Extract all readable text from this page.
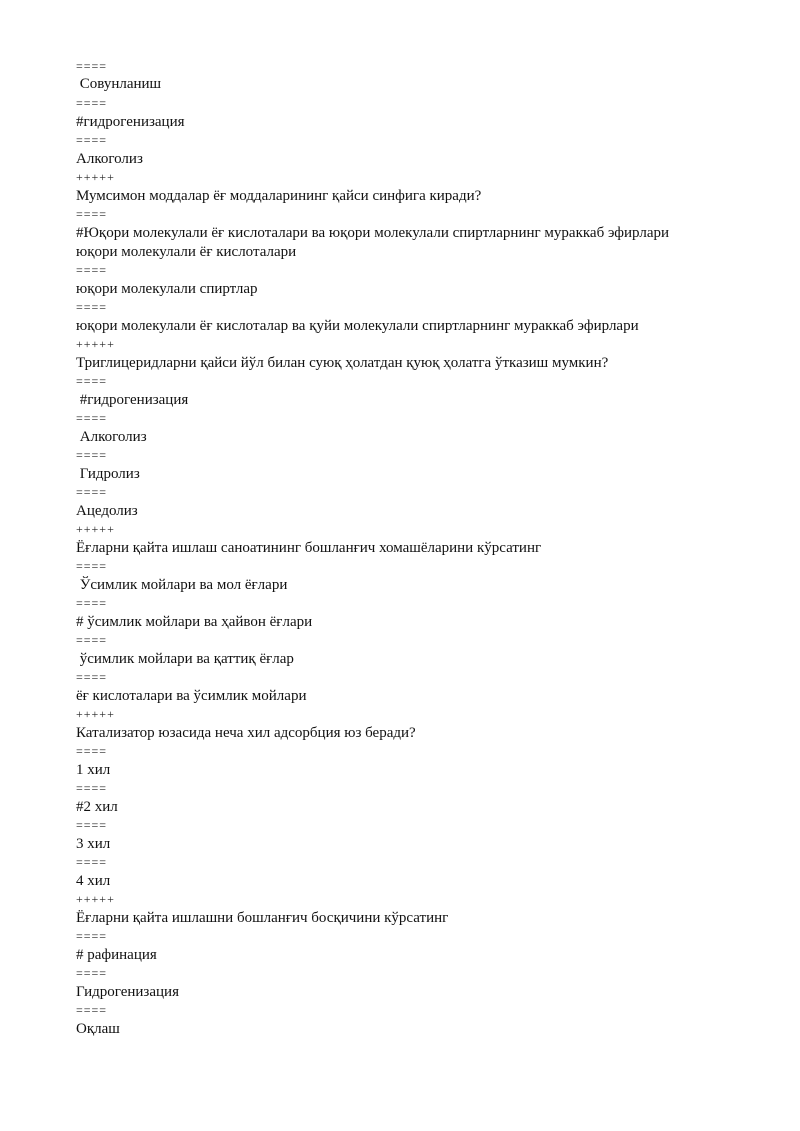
====

Совунланиш

====

#гидрогенизация

====

Алкоголиз

+++++

Мумсимон моддалар ёғ моддаларининг қайси синфига киради?

====

#Юқори молекулали ёғ кислоталари ва юқори молекулали спиртларнинг мураккаб эфирлари

юқори молекулали ёғ кислоталари

====

юқори молекулали спиртлар

====

юқори молекулали ёғ кислоталар ва қуйи молекулали спиртларнинг мураккаб эфирлари

+++++

Триглицеридларни қайси йўл билан суюқ ҳолатдан қуюқ ҳолатга ўтказиш мумкин?

====

#гидрогенизация

====

Алкоголиз

====

Гидролиз

====

Ацедолиз

+++++

Ёғларни қайта ишлаш саноатининг бошланғич хомашёларини кўрсатинг

====

Ўсимлик мойлари ва мол ёғлари

====

# ўсимлик мойлари ва ҳайвон ёғлари

====

ўсимлик мойлари ва қаттиқ ёғлар

====

ёғ кислоталари ва ўсимлик мойлари

+++++

Катализатор юзасида неча хил адсорбция юз беради?

====

1 хил

====

#2 хил

====

3 хил

====

4 хил

+++++

Ёғларни қайта ишлашни бошланғич босқичини кўрсатинг

====

# рафинация

====

Гидрогенизация

====

Оқлаш
